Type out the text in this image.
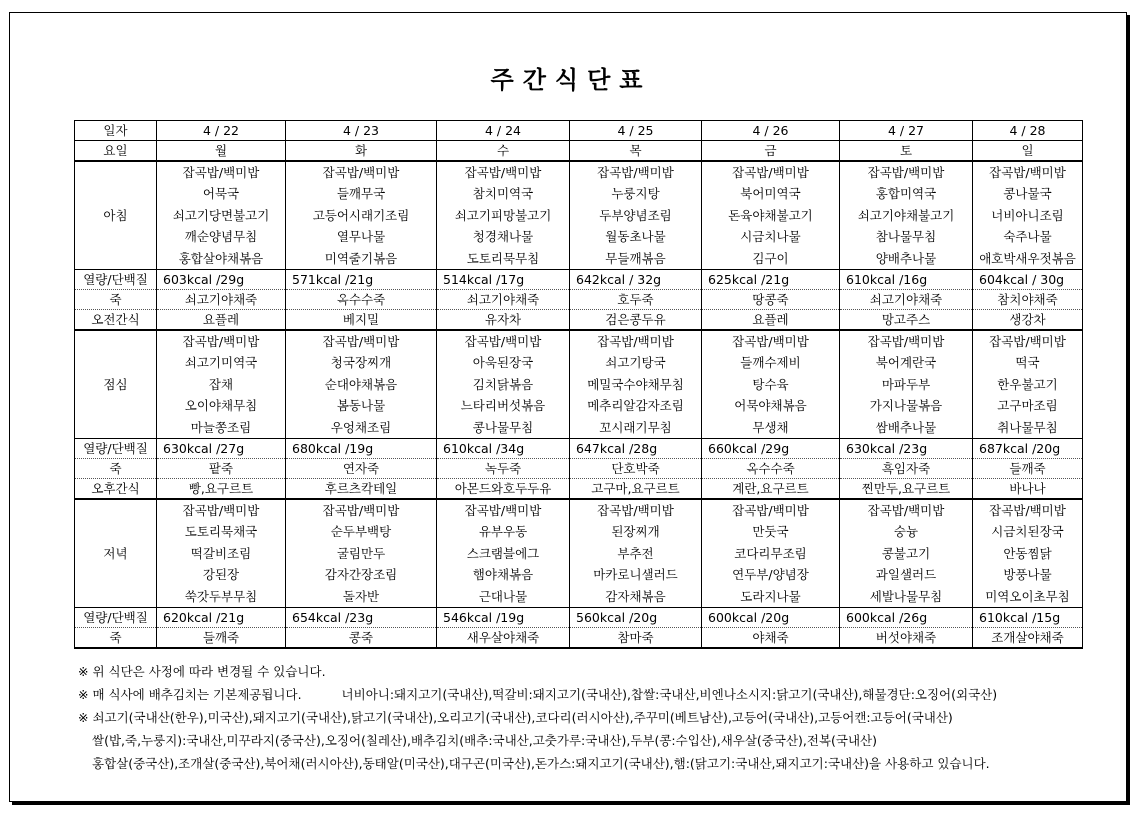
주간식단표
일자	4 / 22	4 / 23	4 / 24	4 / 25	4 / 26	4 / 27	4 / 28
요일	월	화	수	목	금	토	일
아침	잡곡밥/백미밥	잡곡밥/백미밥	잡곡밥/백미밥	잡곡밥/백미밥	잡곡밥/백미밥	잡곡밥/백미밥	잡곡밥/백미밥
	어묵국	들깨무국	참치미역국	누룽지탕	북어미역국	홍합미역국	콩나물국
	쇠고기당면불고기	고등어시래기조림	쇠고기피망불고기	두부양념조림	돈육야채불고기	쇠고기야채불고기	너비아니조림
	깨순양념무침	열무나물	청경채나물	월동초나물	시금치나물	참나물무침	숙주나물
	홍합살야채볶음	미역줄기볶음	도토리묵무침	무들깨볶음	김구이	양배추나물	애호박새우젓볶음
열량/단백질	603kcal /29g	571kcal /21g	514kcal /17g	642kcal / 32g	625kcal /21g	610kcal /16g	604kcal / 30g
죽	쇠고기야채죽	옥수수죽	쇠고기야채죽	호두죽	땅콩죽	쇠고기야채죽	참치야채죽
오전간식	요플레	베지밀	유자차	검은콩두유	요플레	망고주스	생강차
점심	잡곡밥/백미밥	잡곡밥/백미밥	잡곡밥/백미밥	잡곡밥/백미밥	잡곡밥/백미밥	잡곡밥/백미밥	잡곡밥/백미밥
	쇠고기미역국	청국장찌개	아욱된장국	쇠고기탕국	들깨수제비	북어계란국	떡국
	잡채	순대야채볶음	김치닭볶음	메밀국수야채무침	탕수육	마파두부	한우불고기
	오이야채무침	봄동나물	느타리버섯볶음	메추리알감자조림	어묵야채볶음	가지나물볶음	고구마조림
	마늘쫑조림	우엉채조림	콩나물무침	꼬시래기무침	무생채	쌈배추나물	취나물무침
열량/단백질	630kcal /27g	680kcal /19g	610kcal /34g	647kcal /28g	660kcal /29g	630kcal /23g	687kcal /20g
죽	팥죽	연자죽	녹두죽	단호박죽	옥수수죽	흑임자죽	들깨죽
오후간식	빵,요구르트	후르츠칵테일	아몬드와호두두유	고구마,요구르트	계란,요구르트	찐만두,요구르트	바나나
저녁	잡곡밥/백미밥	잡곡밥/백미밥	잡곡밥/백미밥	잡곡밥/백미밥	잡곡밥/백미밥	잡곡밥/백미밥	잡곡밥/백미밥
	도토리묵채국	순두부백탕	유부우동	된장찌개	만둣국	숭늉	시금치된장국
	떡갈비조림	굴림만두	스크램블에그	부추전	코다리무조림	콩불고기	안동찜닭
	강된장	감자간장조림	햄야채볶음	마카로니샐러드	연두부/양념장	과일샐러드	방풍나물
	쑥갓두부무침	돌자반	근대나물	감자채볶음	도라지나물	세발나물무침	미역오이초무침
열량/단백질	620kcal /21g	654kcal /23g	546kcal /19g	560kcal /20g	600kcal /20g	600kcal /26g	610kcal /15g
죽	들깨죽	콩죽	새우살야채죽	참마죽	야채죽	버섯야채죽	조개살야채죽
※ 위 식단은 사정에 따라 변경될 수 있습니다.
※ 매 식사에 배추김치는 기본제공됩니다.	너비아니:돼지고기(국내산),떡갈비:돼지고기(국내산),찹쌀:국내산,비엔나소시지:닭고기(국내산),해물경단:오징어(외국산)
※ 쇠고기(국내산(한우),미국산),돼지고기(국내산),닭고기(국내산),오리고기(국내산),코다리(러시아산),주꾸미(베트남산),고등어(국내산),고등어캔:고등어(국내산)
쌀(밥,죽,누룽지):국내산,미꾸라지(중국산),오징어(칠레산),배추김치(배추:국내산,고춧가루:국내산),두부(콩:수입산),새우살(중국산),전복(국내산)
홍합살(중국산),조개살(중국산),북어채(러시아산),동태알(미국산),대구곤(미국산),돈가스:돼지고기(국내산),햄:(닭고기:국내산,돼지고기:국내산)을 사용하고 있습니다.
